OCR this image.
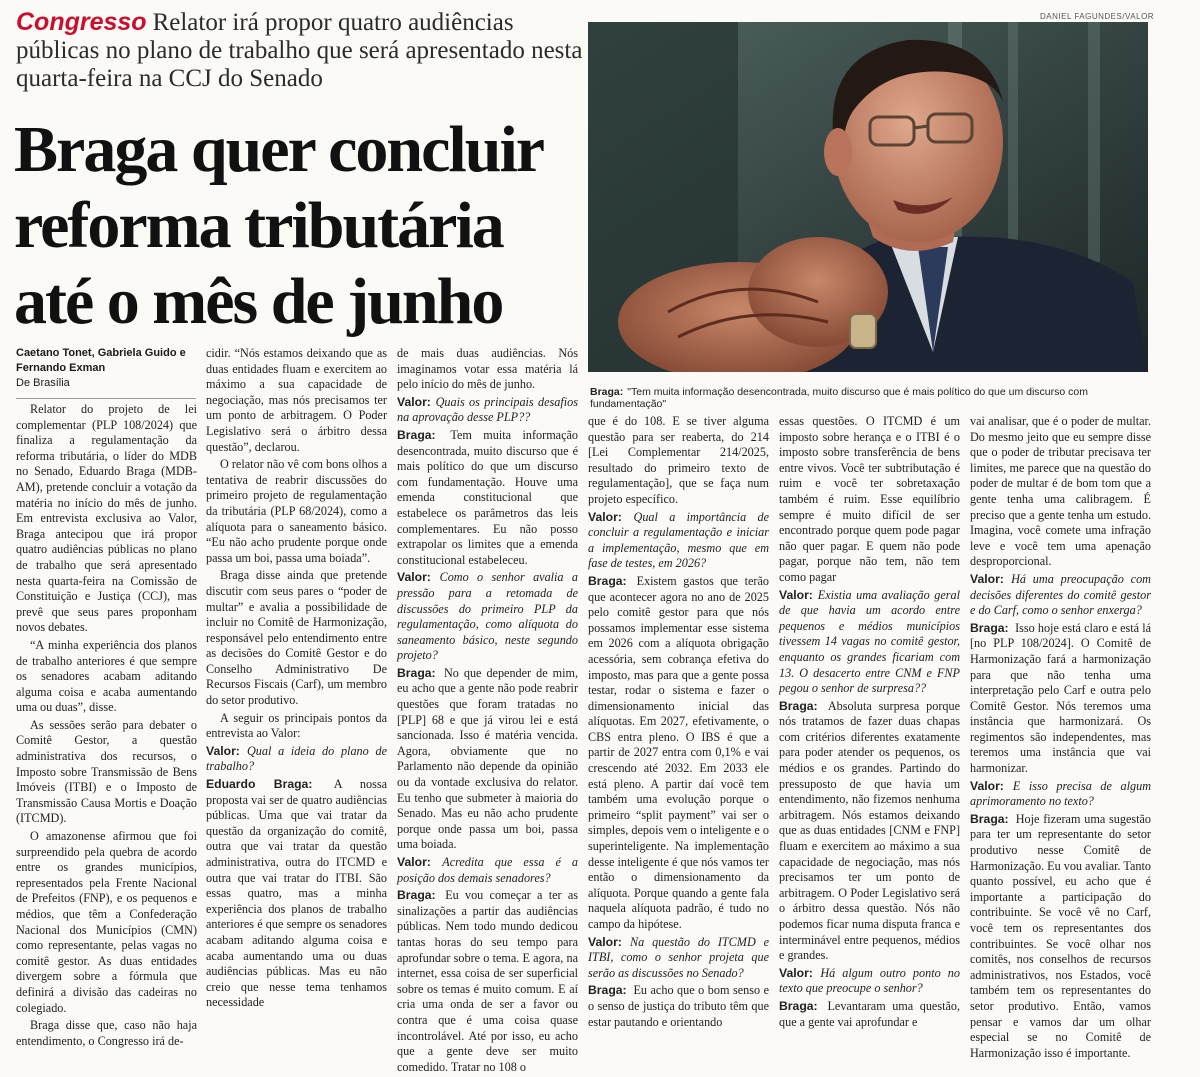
Congresso Relator irá propor quatro audiências públicas no plano de trabalho que será apresentado nesta quarta-feira na CCJ do Senado
Braga quer concluir
reforma tributária
até o mês de junho
DANIEL FAGUNDES/VALOR
Braga: "Tem muita informação desencontrada, muito discurso que é mais político do que um discurso com fundamentação"
Caetano Tonet, Gabriela Guido e Fernando Exman
De Brasília

Relator do projeto de lei complementar (PLP 108/2024) que finaliza a regulamentação da reforma tributária, o líder do MDB no Senado, Eduardo Braga (MDB-AM), pretende concluir a votação da matéria no início do mês de junho. Em entrevista exclusiva ao Valor, Braga antecipou que irá propor quatro audiências públicas no plano de trabalho que será apresentado nesta quarta-feira na Comissão de Constituição e Justiça (CCJ), mas prevê que seus pares proponham novos debates.

“A minha experiência dos planos de trabalho anteriores é que sempre os senadores acabam aditando alguma coisa e acaba aumentando uma ou duas”, disse.

As sessões serão para debater o Comitê Gestor, a questão administrativa dos recursos, o Imposto sobre Transmissão de Bens Imóveis (ITBI) e o Imposto de Transmissão Causa Mortis e Doação (ITCMD).

O amazonense afirmou que foi surpreendido pela quebra de acordo entre os grandes municípios, representados pela Frente Nacional de Prefeitos (FNP), e os pequenos e médios, que têm a Confederação Nacional dos Municípios (CMN) como representante, pelas vagas no comitê gestor. As duas entidades divergem sobre a fórmula que definirá a divisão das cadeiras no colegiado.

Braga disse que, caso não haja entendimento, o Congresso irá de-

cidir. “Nós estamos deixando que as duas entidades fluam e exercitem ao máximo a sua capacidade de negociação, mas nós precisamos ter um ponto de arbitragem. O Poder Legislativo será o árbitro dessa questão”, declarou.

O relator não vê com bons olhos a tentativa de reabrir discussões do primeiro projeto de regulamentação da tributária (PLP 68/2024), como a alíquota para o saneamento básico. “Eu não acho prudente porque onde passa um boi, passa uma boiada”.

Braga disse ainda que pretende discutir com seus pares o “poder de multar” e avalia a possibilidade de incluir no Comitê de Harmonização, responsável pelo entendimento entre as decisões do Comitê Gestor e do Conselho Administrativo De Recursos Fiscais (Carf), um membro do setor produtivo.

A seguir os principais pontos da entrevista ao Valor:

Valor: Qual a ideia do plano de trabalho?

Eduardo Braga: A nossa proposta vai ser de quatro audiências públicas. Uma que vai tratar da questão da organização do comitê, outra que vai tratar da questão administrativa, outra do ITCMD e outra que vai tratar do ITBI. São essas quatro, mas a minha experiência dos planos de trabalho anteriores é que sempre os senadores acabam aditando alguma coisa e acaba aumentando uma ou duas audiências públicas. Mas eu não creio que nesse tema tenhamos necessidade

de mais duas audiências. Nós imaginamos votar essa matéria lá pelo início do mês de junho.

Valor: Quais os principais desafios na aprovação desse PLP??

Braga: Tem muita informação desencontrada, muito discurso que é mais político do que um discurso com fundamentação. Houve uma emenda constitucional que estabelece os parâmetros das leis complementares. Eu não posso extrapolar os limites que a emenda constitucional estabeleceu.

Valor: Como o senhor avalia a pressão para a retomada de discussões do primeiro PLP da regulamentação, como alíquota do saneamento básico, neste segundo projeto?

Braga: No que depender de mim, eu acho que a gente não pode reabrir questões que foram tratadas no [PLP] 68 e que já virou lei e está sancionada. Isso é matéria vencida. Agora, obviamente que no Parlamento não depende da opinião ou da vontade exclusiva do relator. Eu tenho que submeter à maioria do Senado. Mas eu não acho prudente porque onde passa um boi, passa uma boiada.

Valor: Acredita que essa é a posição dos demais senadores?

Braga: Eu vou começar a ter as sinalizações a partir das audiências públicas. Nem todo mundo dedicou tantas horas do seu tempo para aprofundar sobre o tema. E agora, na internet, essa coisa de ser superficial sobre os temas é muito comum. E aí cria uma onda de ser a favor ou contra que é uma coisa quase incontrolável. Até por isso, eu acho que a gente deve ser muito comedido. Tratar no 108 o

que é do 108. E se tiver alguma questão para ser reaberta, do 214 [Lei Complementar 214/2025, resultado do primeiro texto de regulamentação], que se faça num projeto específico.

Valor: Qual a importância de concluir a regulamentação e iniciar a implementação, mesmo que em fase de testes, em 2026?

Braga: Existem gastos que terão que acontecer agora no ano de 2025 pelo comitê gestor para que nós possamos implementar esse sistema em 2026 com a alíquota obrigação acessória, sem cobrança efetiva do imposto, mas para que a gente possa testar, rodar o sistema e fazer o dimensionamento inicial das alíquotas. Em 2027, efetivamente, o CBS entra pleno. O IBS é que a partir de 2027 entra com 0,1% e vai crescendo até 2032. Em 2033 ele está pleno. A partir daí você tem também uma evolução porque o primeiro “split payment” vai ser o simples, depois vem o inteligente e o superinteligente. Na implementação desse inteligente é que nós vamos ter então o dimensionamento da alíquota. Porque quando a gente fala naquela alíquota padrão, é tudo no campo da hipótese.

Valor: Na questão do ITCMD e ITBI, como o senhor projeta que serão as discussões no Senado?

Braga: Eu acho que o bom senso e o senso de justiça do tributo têm que estar pautando e orientando

essas questões. O ITCMD é um imposto sobre herança e o ITBI é o imposto sobre transferência de bens entre vivos. Você ter subtributação é ruim e você ter sobretaxação também é ruim. Esse equilíbrio sempre é muito difícil de ser encontrado porque quem pode pagar não quer pagar. E quem não pode pagar, porque não tem, não tem como pagar

Valor: Existia uma avaliação geral de que havia um acordo entre pequenos e médios municípios tivessem 14 vagas no comitê gestor, enquanto os grandes ficariam com 13. O desacerto entre CNM e FNP pegou o senhor de surpresa??

Braga: Absoluta surpresa porque nós tratamos de fazer duas chapas com critérios diferentes exatamente para poder atender os pequenos, os médios e os grandes. Partindo do pressuposto de que havia um entendimento, não fizemos nenhuma arbitragem. Nós estamos deixando que as duas entidades [CNM e FNP] fluam e exercitem ao máximo a sua capacidade de negociação, mas nós precisamos ter um ponto de arbitragem. O Poder Legislativo será o árbitro dessa questão. Nós não podemos ficar numa disputa franca e interminável entre pequenos, médios e grandes.

Valor: Há algum outro ponto no texto que preocupe o senhor?

Braga: Levantaram uma questão, que a gente vai aprofundar e

vai analisar, que é o poder de multar. Do mesmo jeito que eu sempre disse que o poder de tributar precisava ter limites, me parece que na questão do poder de multar é de bom tom que a gente tenha uma calibragem. É preciso que a gente tenha um estudo. Imagina, você comete uma infração leve e você tem uma apenação desproporcional.

Valor: Há uma preocupação com decisões diferentes do comitê gestor e do Carf, como o senhor enxerga?

Braga: Isso hoje está claro e está lá [no PLP 108/2024]. O Comitê de Harmonização fará a harmonização para que não tenha uma interpretação pelo Carf e outra pelo Comitê Gestor. Nós teremos uma instância que harmonizará. Os regimentos são independentes, mas teremos uma instância que vai harmonizar.

Valor: E isso precisa de algum aprimoramento no texto?

Braga: Hoje fizeram uma sugestão para ter um representante do setor produtivo nesse Comitê de Harmonização. Eu vou avaliar. Tanto quanto possível, eu acho que é importante a participação do contribuinte. Se você vê no Carf, você tem os representantes dos contribuintes. Se você olhar nos comitês, nos conselhos de recursos administrativos, nos Estados, você também tem os representantes do setor produtivo. Então, vamos pensar e vamos dar um olhar especial se no Comitê de Harmonização isso é importante.
